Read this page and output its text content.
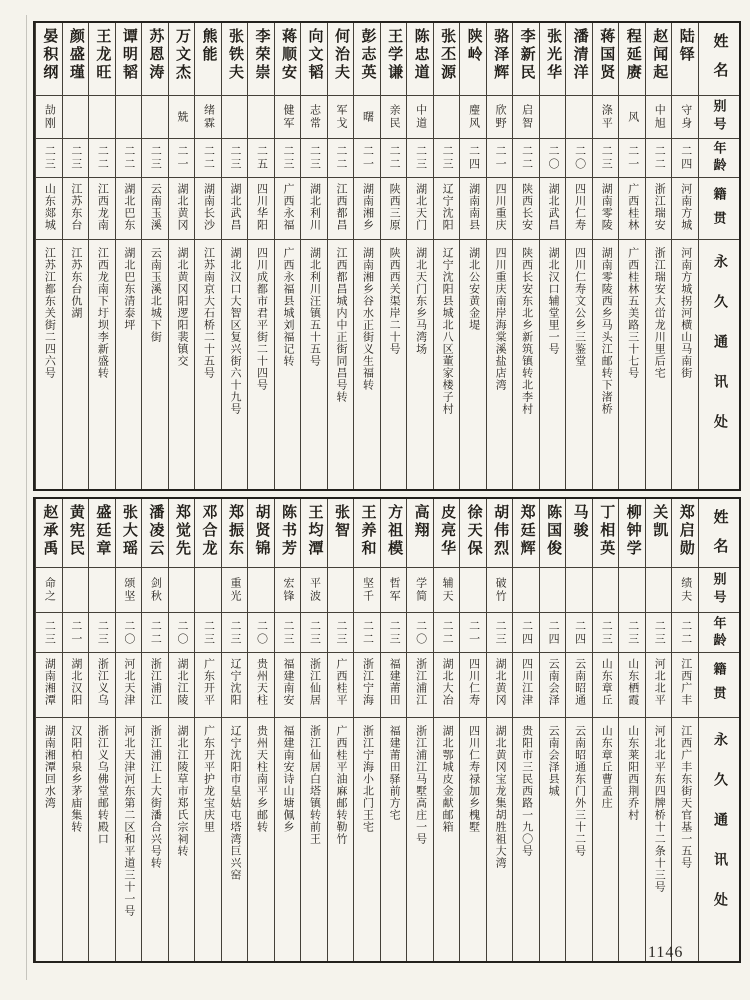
姓名
别号
年龄
籍贯
永久通讯处
陆铎
守身
二四
河南方城
河南方城拐河横山马南街
赵闻起
中旭
二二
浙江瑞安
浙江瑞安大峃龙川里后宅
程延赓
风
二一
广西桂林
广西桂林五美路三十七号
蒋国贤
涤平
二三
湖南零陵
湖南零陵西乡马头江邮转下渚桥
潘清洋
二〇
四川仁寿
四川仁寿文公乡三鉴堂
张光华
二〇
湖北武昌
湖北汉口辅堂里一号
李新民
启智
二二
陕西长安
陕西长安东北乡新筑镇转北李村
骆泽辉
欣野
二一
四川重庆
四川重庆南岸海棠溪盐店湾
陕岭
麈风
二四
湖南南县
湖北公安黄金堤
张丕源
二三
辽宁沈阳
辽宁沈阳县城北八区董家楼子村
陈忠道
中道
二三
湖北天门
湖北天门东乡马湾场
王学谦
亲民
二二
陕西三原
陕西西关渠岸二十号
彭志英
曙
二一
湖南湘乡
湖南湘乡谷水正街义生福转
何治夫
军戈
二二
江西都昌
江西都昌城内中正街同昌号转
向文韬
志常
二三
湖北利川
湖北利川汪镇五十五号
蒋顺安
健军
二三
广西永福
广西永福县城刘福记转
李荣崇
二五
四川华阳
四川成都市君平街二十四号
张铁夫
二三
湖北武昌
湖北汉口大智区复兴街六十九号
熊能
绪霖
二二
湖南长沙
江苏南京大石桥二十五号
万文杰
兟
二一
湖北黄冈
湖北黄冈阳逻阳裴镇交
苏恩涛
二三
云南玉溪
云南玉溪北城下街
谭明韬
二二
湖北巴东
湖北巴东清泰坪
王龙旺
二二
江西龙南
江西龙南下圩坝李新盛转
颜盛瑾
二三
江苏东台
江苏东台仇湖
晏积纲
劼刚
二三
山东郯城
江苏江都东关街二四六号
姓名
别号
年龄
籍贯
永久通讯处
郑启勋
绩夫
二二
江西广丰
江西广丰东街天官基一五号
关凯
二三
河北北平
河北北平东四牌桥十二条十三号
柳钟学
二三
山东栖霞
山东莱阳西荆乔村
丁相英
二三
山东章丘
山东章丘曹孟庄
马骏
二四
云南昭通
云南昭通东门外三十二号
陈国俊
二四
云南会泽
云南会泽县城
郑廷辉
二四
四川江津
贵阳市三民西路一九〇号
胡伟烈
破竹
二三
湖北黄冈
湖北黄冈宝龙集胡胜祖大湾
徐天保
二一
四川仁寿
四川仁寿禄加乡槐墅
皮亮华
辅天
二二
湖北大冶
湖北鄂城皮金献邮箱
高翔
学简
二〇
浙江浦江
浙江浦江马墅高庄一号
方祖模
哲军
二三
福建莆田
福建莆田驿前方宅
王养和
坚千
二二
浙江宁海
浙江宁海小北门王宅
张智
二三
广西桂平
广西桂平油麻邮转勒竹
王均潭
平波
二三
浙江仙居
浙江仙居白塔镇转前王
陈书芳
宏锋
二三
福建南安
福建南安诗山塘佩乡
胡贤锦
二〇
贵州天柱
贵州天柱南平乡邮转
郑振东
重光
二三
辽宁沈阳
辽宁沈阳市皇姑屯塔湾巨兴窑
邓合龙
二三
广东开平
广东开平护龙宝庆里
郑觉先
二〇
湖北江陵
湖北江陵草市郑氏宗祠转
潘凌云
剑秋
二二
浙江浦江
浙江浦江上大街潘合兴号转
张大瑶
颂坚
二〇
河北天津
河北天津河东第二区和平道三十一号
盛廷章
二三
浙江义乌
浙江义乌佛堂邮转殿口
黄宪民
二一
湖北汉阳
汉阳柏泉乡茅庙集转
赵承禹
命之
二三
湖南湘潭
湖南湘潭回水湾
1146
